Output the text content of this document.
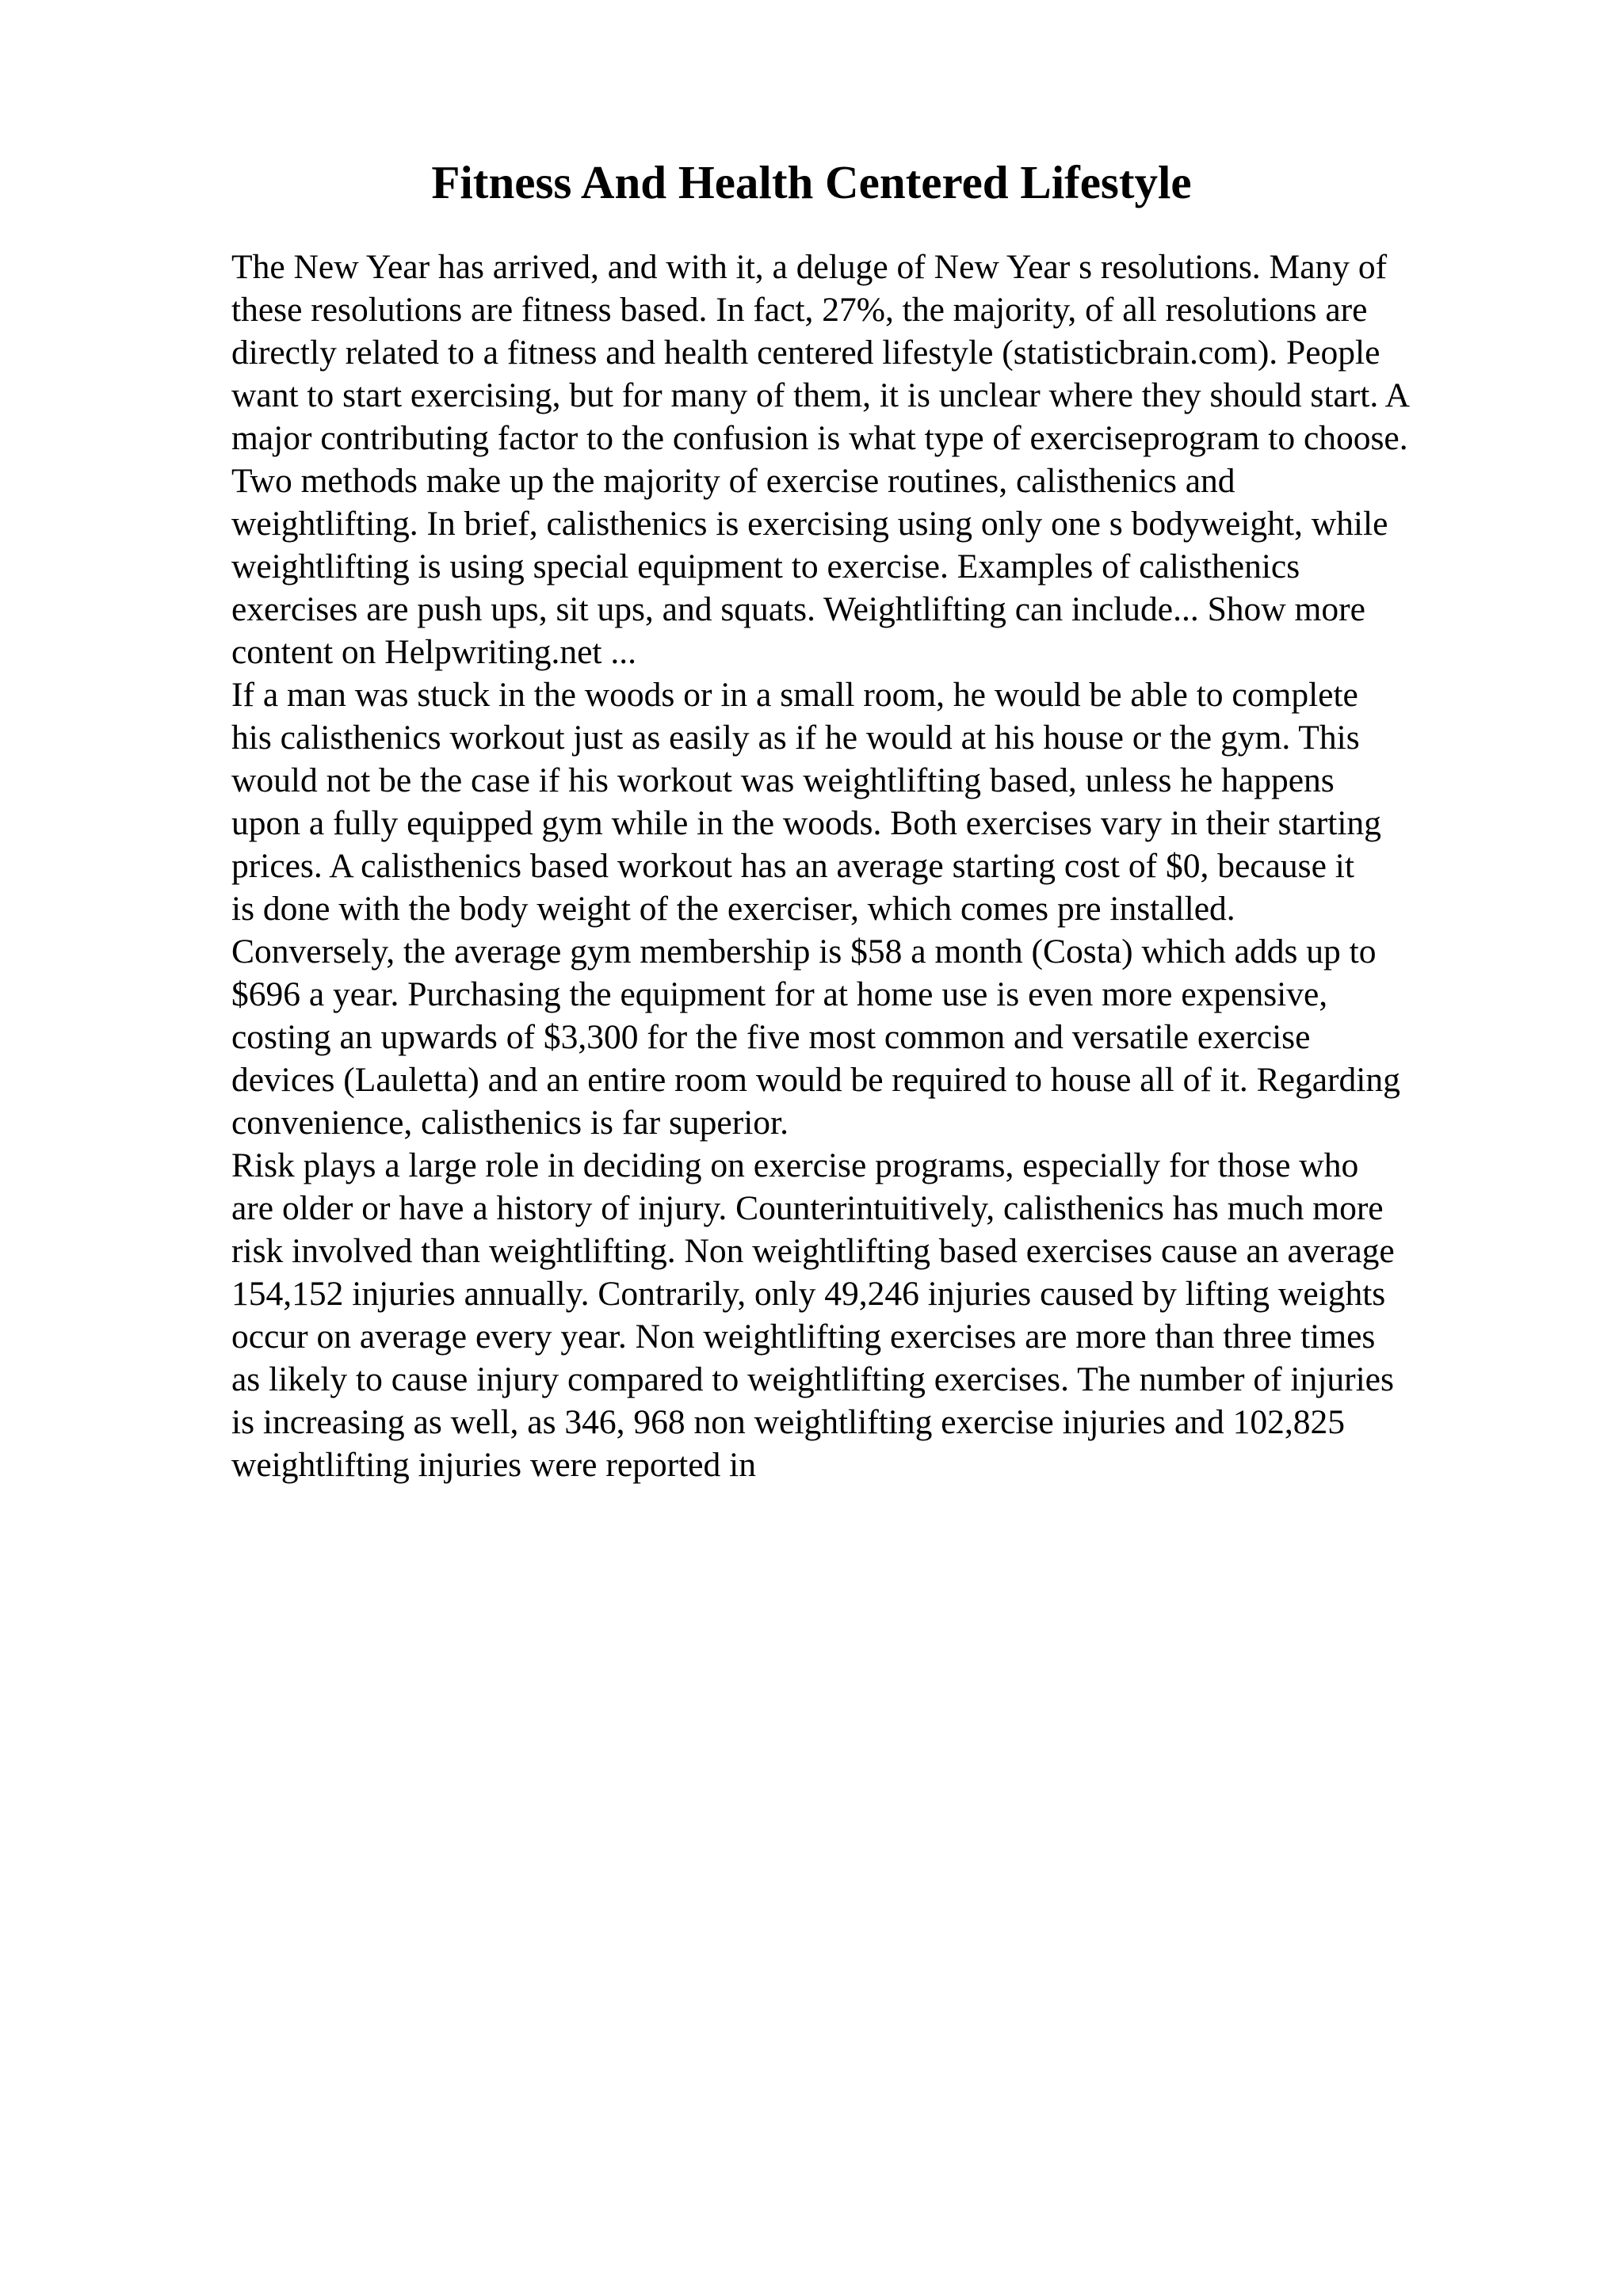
Fitness And Health Centered Lifestyle
The New Year has arrived, and with it, a deluge of New Year s resolutions. Many of
these resolutions are fitness based. In fact, 27%, the majority, of all resolutions are
directly related to a fitness and health centered lifestyle (statisticbrain.com). People
want to start exercising, but for many of them, it is unclear where they should start. A
major contributing factor to the confusion is what type of exerciseprogram to choose.
Two methods make up the majority of exercise routines, calisthenics and
weightlifting. In brief, calisthenics is exercising using only one s bodyweight, while
weightlifting is using special equipment to exercise. Examples of calisthenics
exercises are push ups, sit ups, and squats. Weightlifting can include... Show more
content on Helpwriting.net ...
If a man was stuck in the woods or in a small room, he would be able to complete
his calisthenics workout just as easily as if he would at his house or the gym. This
would not be the case if his workout was weightlifting based, unless he happens
upon a fully equipped gym while in the woods. Both exercises vary in their starting
prices. A calisthenics based workout has an average starting cost of $0, because it
is done with the body weight of the exerciser, which comes pre installed.
Conversely, the average gym membership is $58 a month (Costa) which adds up to
$696 a year. Purchasing the equipment for at home use is even more expensive,
costing an upwards of $3,300 for the five most common and versatile exercise
devices (Lauletta) and an entire room would be required to house all of it. Regarding
convenience, calisthenics is far superior.
Risk plays a large role in deciding on exercise programs, especially for those who
are older or have a history of injury. Counterintuitively, calisthenics has much more
risk involved than weightlifting. Non weightlifting based exercises cause an average
154,152 injuries annually. Contrarily, only 49,246 injuries caused by lifting weights
occur on average every year. Non weightlifting exercises are more than three times
as likely to cause injury compared to weightlifting exercises. The number of injuries
is increasing as well, as 346, 968 non weightlifting exercise injuries and 102,825
weightlifting injuries were reported in
